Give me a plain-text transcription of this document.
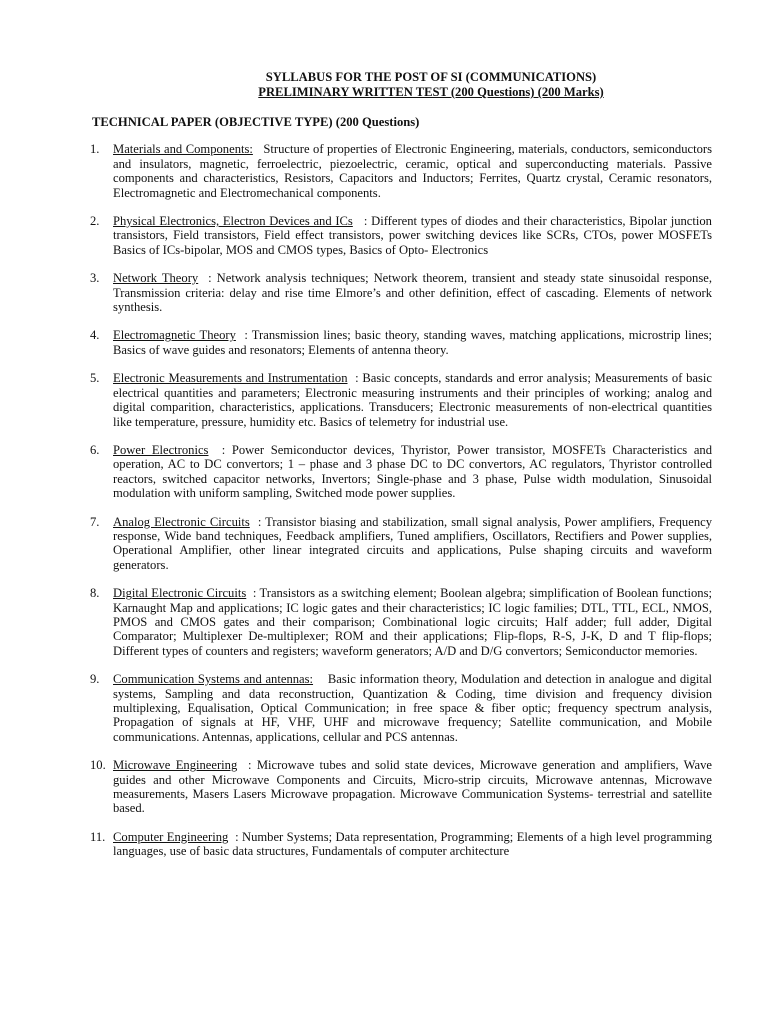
SYLLABUS FOR THE POST OF SI (COMMUNICATIONS)
PRELIMINARY WRITTEN TEST (200 Questions) (200 Marks)
TECHNICAL PAPER (OBJECTIVE TYPE) (200 Questions)
1. Materials and Components: Structure of properties of Electronic Engineering, materials, conductors, semiconductors and insulators, magnetic, ferroelectric, piezoelectric, ceramic, optical and superconducting materials. Passive components and characteristics, Resistors, Capacitors and Inductors; Ferrites, Quartz crystal, Ceramic resonators, Electromagnetic and Electromechanical components.
2. Physical Electronics, Electron Devices and ICs : Different types of diodes and their characteristics, Bipolar junction transistors, Field transistors, Field effect transistors, power switching devices like SCRs, CTOs, power MOSFETs Basics of ICs-bipolar, MOS and CMOS types, Basics of Opto- Electronics
3. Network Theory : Network analysis techniques; Network theorem, transient and steady state sinusoidal response, Transmission criteria: delay and rise time Elmore’s and other definition, effect of cascading. Elements of network synthesis.
4. Electromagnetic Theory : Transmission lines; basic theory, standing waves, matching applications, microstrip lines; Basics of wave guides and resonators; Elements of antenna theory.
5. Electronic Measurements and Instrumentation : Basic concepts, standards and error analysis; Measurements of basic electrical quantities and parameters; Electronic measuring instruments and their principles of working; analog and digital comparition, characteristics, applications. Transducers; Electronic measurements of non-electrical quantities like temperature, pressure, humidity etc. Basics of telemetry for industrial use.
6. Power Electronics : Power Semiconductor devices, Thyristor, Power transistor, MOSFETs Characteristics and operation, AC to DC convertors; 1 – phase and 3 phase DC to DC convertors, AC regulators, Thyristor controlled reactors, switched capacitor networks, Invertors; Single-phase and 3 phase, Pulse width modulation, Sinusoidal modulation with uniform sampling, Switched mode power supplies.
7. Analog Electronic Circuits : Transistor biasing and stabilization, small signal analysis, Power amplifiers, Frequency response, Wide band techniques, Feedback amplifiers, Tuned amplifiers, Oscillators, Rectifiers and Power supplies, Operational Amplifier, other linear integrated circuits and applications, Pulse shaping circuits and waveform generators.
8. Digital Electronic Circuits : Transistors as a switching element; Boolean algebra; simplification of Boolean functions; Karnaught Map and applications; IC logic gates and their characteristics; IC logic families; DTL, TTL, ECL, NMOS, PMOS and CMOS gates and their comparison; Combinational logic circuits; Half adder; full adder, Digital Comparator; Multiplexer De-multiplexer; ROM and their applications; Flip-flops, R-S, J-K, D and T flip-flops; Different types of counters and registers; waveform generators; A/D and D/G convertors; Semiconductor memories.
9. Communication Systems and antennas: Basic information theory, Modulation and detection in analogue and digital systems, Sampling and data reconstruction, Quantization & Coding, time division and frequency division multiplexing, Equalisation, Optical Communication; in free space & fiber optic; frequency spectrum analysis, Propagation of signals at HF, VHF, UHF and microwave frequency; Satellite communication, and Mobile communications. Antennas, applications, cellular and PCS antennas.
10. Microwave Engineering : Microwave tubes and solid state devices, Microwave generation and amplifiers, Wave guides and other Microwave Components and Circuits, Micro-strip circuits, Microwave antennas, Microwave measurements, Masers Lasers Microwave propagation. Microwave Communication Systems- terrestrial and satellite based.
11. Computer Engineering : Number Systems; Data representation, Programming; Elements of a high level programming languages, use of basic data structures, Fundamentals of computer architecture
